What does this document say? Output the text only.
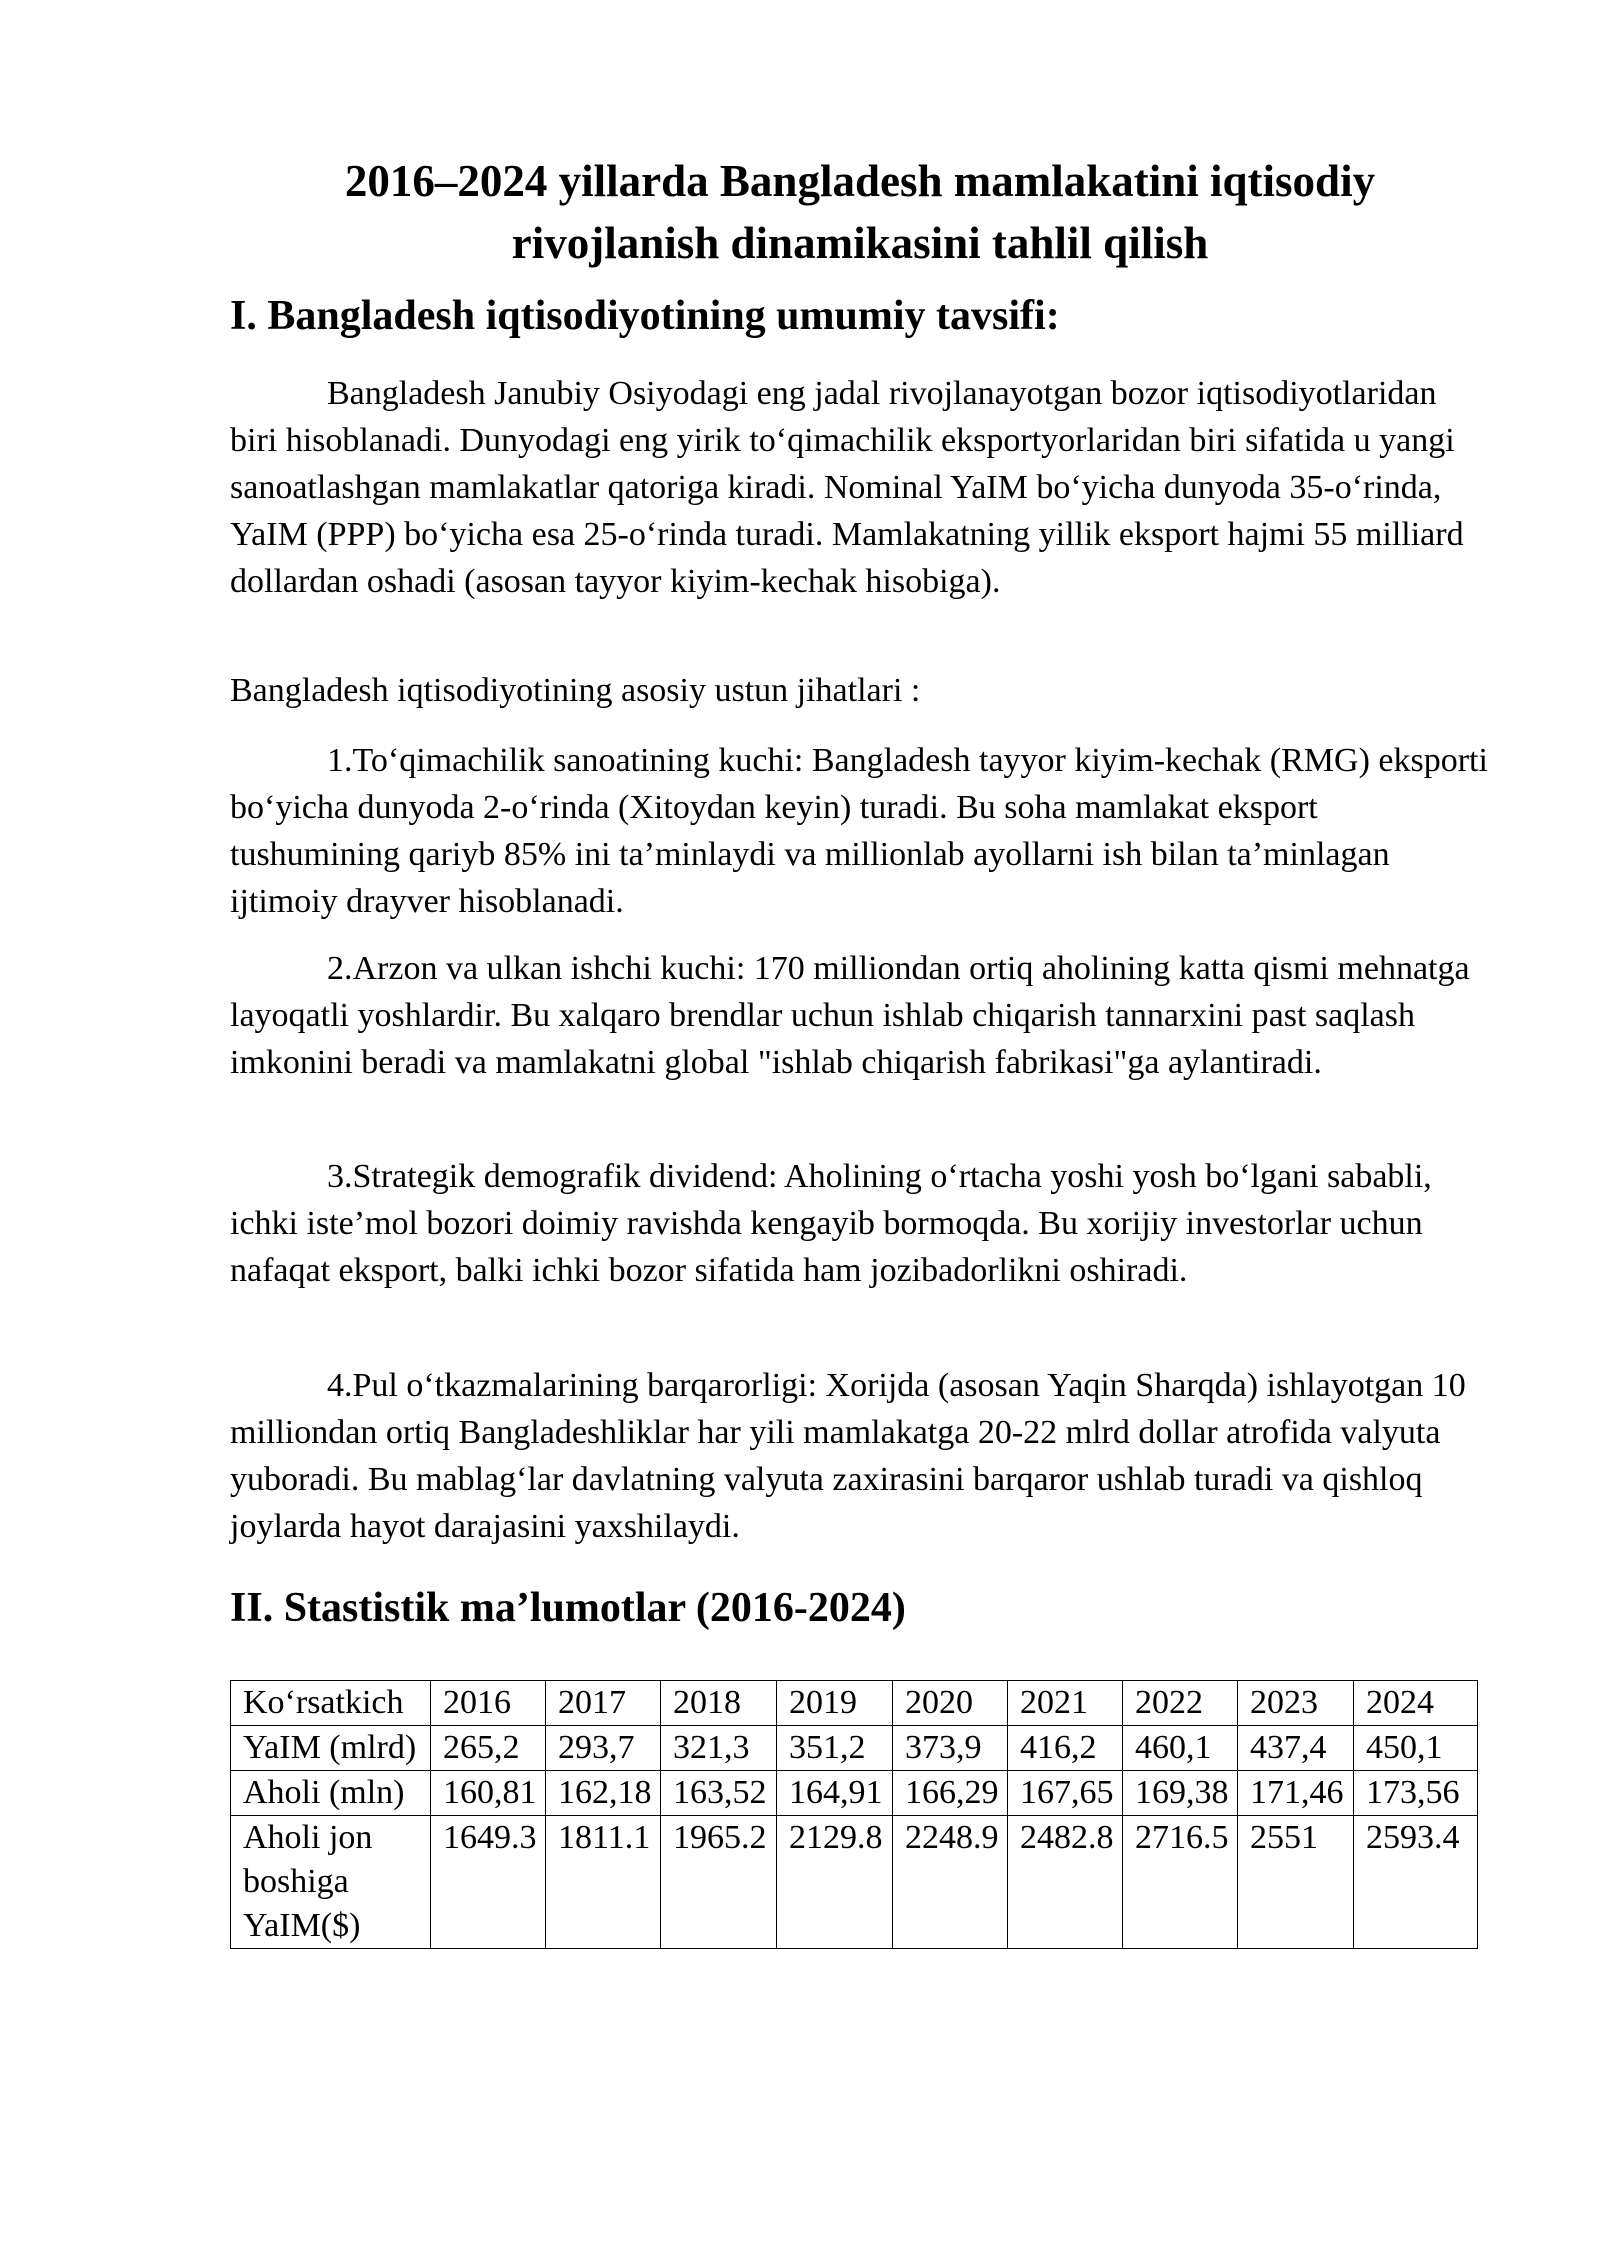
2016–2024 yillarda Bangladesh mamlakatini iqtisodiy
rivojlanish dinamikasini tahlil qilish
I. Bangladesh iqtisodiyotining umumiy tavsifi:

Bangladesh Janubiy Osiyodagi eng jadal rivojlanayotgan bozor iqtisodiyotlaridan biri hisoblanadi. Dunyodagi eng yirik to‘qimachilik eksportyorlaridan biri sifatida u yangi sanoatlashgan mamlakatlar qatoriga kiradi. Nominal YaIM bo‘yicha dunyoda 35-o‘rinda, YaIM (PPP) bo‘yicha esa 25-o‘rinda turadi. Mamlakatning yillik eksport hajmi 55 milliard dollardan oshadi (asosan tayyor kiyim-kechak hisobiga).

Bangladesh iqtisodiyotining asosiy ustun jihatlari :

1.To‘qimachilik sanoatining kuchi: Bangladesh tayyor kiyim-kechak (RMG) eksporti bo‘yicha dunyoda 2-o‘rinda (Xitoydan keyin) turadi. Bu soha mamlakat eksport tushumining qariyb 85% ini ta’minlaydi va millionlab ayollarni ish bilan ta’minlagan ijtimoiy drayver hisoblanadi.

2.Arzon va ulkan ishchi kuchi: 170 milliondan ortiq aholining katta qismi mehnatga layoqatli yoshlardir. Bu xalqaro brendlar uchun ishlab chiqarish tannarxini past saqlash imkonini beradi va mamlakatni global "ishlab chiqarish fabrikasi"ga aylantiradi.

3.Strategik demografik dividend: Aholining o‘rtacha yoshi yosh bo‘lgani sababli, ichki iste’mol bozori doimiy ravishda kengayib bormoqda. Bu xorijiy investorlar uchun nafaqat eksport, balki ichki bozor sifatida ham jozibadorlikni oshiradi.

4.Pul o‘tkazmalarining barqarorligi: Xorijda (asosan Yaqin Sharqda) ishlayotgan 10 milliondan ortiq Bangladeshliklar har yili mamlakatga 20-22 mlrd dollar atrofida valyuta yuboradi. Bu mablag‘lar davlatning valyuta zaxirasini barqaror ushlab turadi va qishloq joylarda hayot darajasini yaxshilaydi.

II. Stastistik ma’lumotlar (2016-2024)
Ko‘rsatkich	2016	2017	2018	2019	2020	2021	2022	2023	2024
YaIM (mlrd)	265,2	293,7	321,3	351,2	373,9	416,2	460,1	437,4	450,1
Aholi (mln)	160,81	162,18	163,52	164,91	166,29	167,65	169,38	171,46	173,56
Aholi jon boshiga YaIM($)	1649.3	1811.1	1965.2	2129.8	2248.9	2482.8	2716.5	2551	2593.4
